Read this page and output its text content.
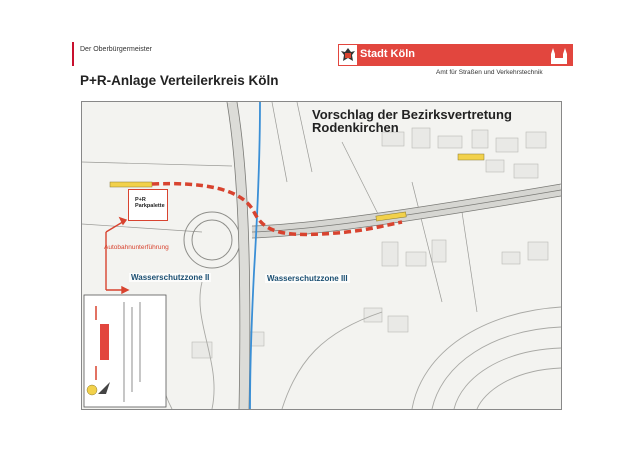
Der Oberbürgermeister
P+R-Anlage Verteilerkreis Köln
Stadt Köln
Amt für Straßen und Verkehrstechnik
Vorschlag der Bezirksvertretung Rodenkirchen
P+R Parkpalette
Autobahnunterführung
Wasserschutzzone II	Wasserschutzzone III
